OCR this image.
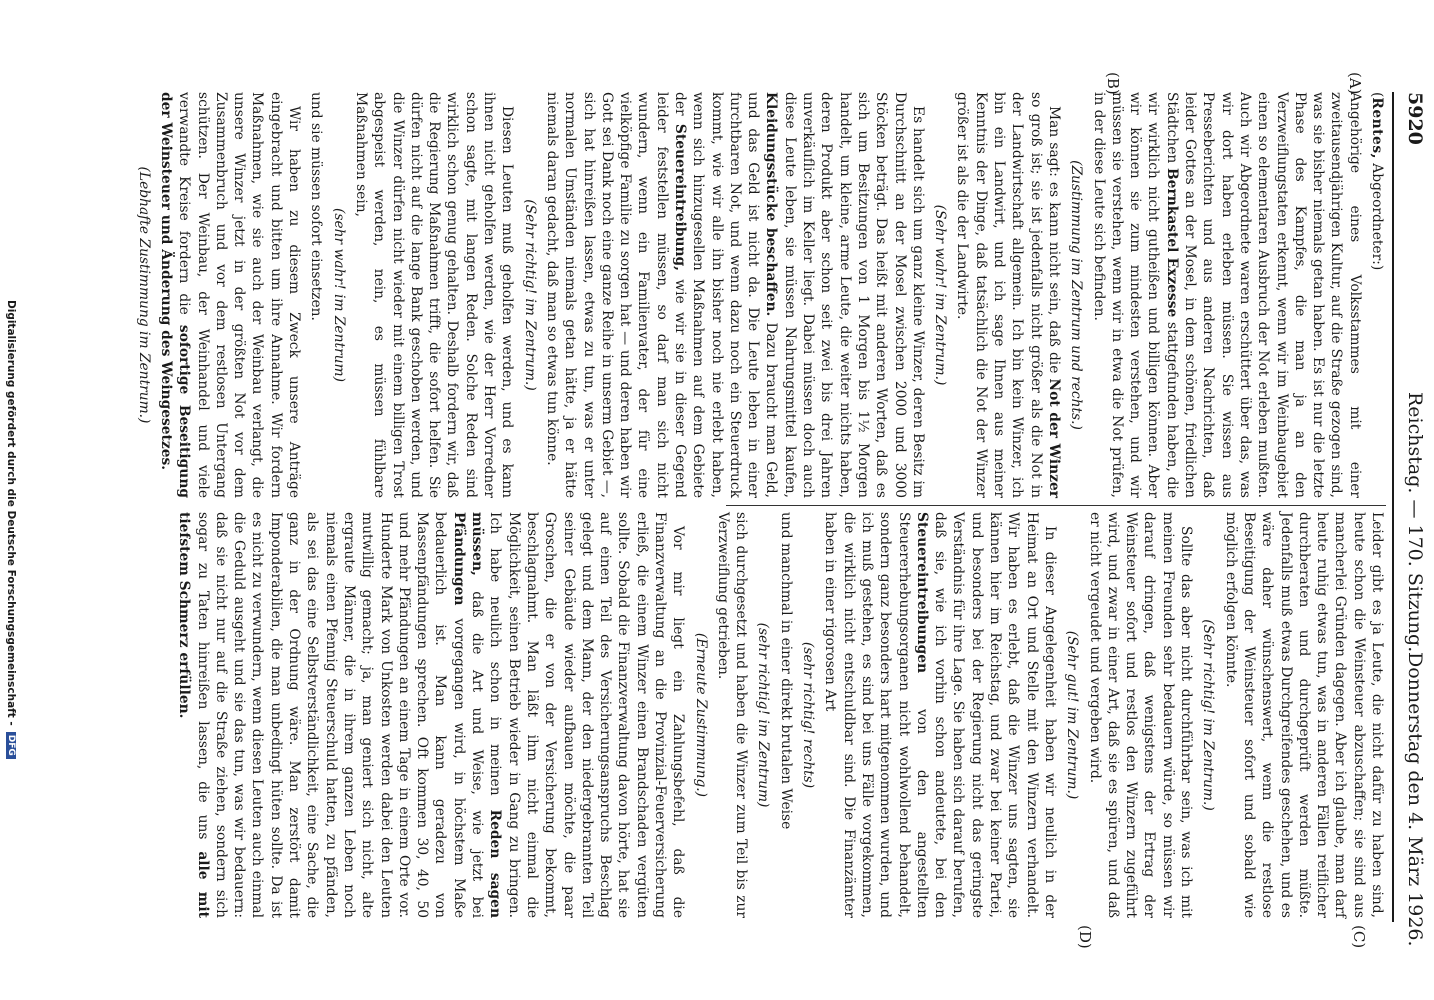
5920
Reichstag. — 170. Sitzung.
Donnerstag den 4. März 1926.
(A)
(B)
(C)
(D)

(Rentes, Abgeordneter:)

Angehörige eines Volksstammes mit einer zweitausendjährigen Kultur, auf die Straße gezogen sind, was sie bisher niemals getan haben. Es ist nur die letzte Phase des Kampfes, die man ja an den Verzweiflungstaten erkennt, wenn wir im Weinbaugebiet einen so elementaren Ausbruch der Not erleben mußten. Auch wir Abgeordnete waren erschüttert über das, was wir dort haben erleben müssen. Sie wissen aus Presseberichten und aus anderen Nachrichten, daß leider Gottes an der Mosel, in dem schönen, friedlichen Städtchen Bernkastel Exzesse stattgefunden haben, die wir wirklich nicht gutheißen und billigen können. Aber wir können sie zum mindesten verstehen, und wir müssen sie verstehen, wenn wir in etwa die Not prüfen, in der diese Leute sich befinden.

(Zustimmung im Zentrum und rechts.)

Man sagt: es kann nicht sein, daß die Not der Winzer so groß ist; sie ist jedenfalls nicht größer als die Not in der Landwirtschaft allgemein. Ich bin kein Winzer, ich bin ein Landwirt, und ich sage Ihnen aus meiner Kenntnis der Dinge, daß tatsächlich die Not der Winzer größer ist als die der Landwirte.

(Sehr wahr! im Zentrum.)

Es handelt sich um ganz kleine Winzer, deren Besitz im Durchschnitt an der Mosel zwischen 2000 und 3000 Stöcken beträgt. Das heißt mit anderen Worten, daß es sich um Besitzungen von 1 Morgen bis 1½ Morgen handelt, um kleine, arme Leute, die weiter nichts haben, deren Produkt aber schon seit zwei bis drei Jahren unverkäuflich im Keller liegt. Dabei müssen doch auch diese Leute leben, sie müssen Nahrungsmittel kaufen, Kleidungsstücke beschaffen. Dazu braucht man Geld, und das Geld ist nicht da. Die Leute leben in einer furchtbaren Not, und wenn dazu noch ein Steuerdruck kommt, wie wir alle ihn bisher noch nie erlebt haben, wenn sich hinzugesellen Maßnahmen auf dem Gebiete der Steuereintreibung, wie wir sie in dieser Gegend leider feststellen müssen, so darf man sich nicht wundern, wenn ein Familienvater, der für eine vielköpfige Familie zu sorgen hat — und deren haben wir Gott sei Dank noch eine ganze Reihe in unserm Gebiet —, sich hat hinreißen lassen, etwas zu tun, was er unter normalen Umständen niemals getan hätte, ja er hätte niemals daran gedacht, daß man so etwas tun könne.

(Sehr richtig! im Zentrum.)

Diesen Leuten muß geholfen werden, und es kann ihnen nicht geholfen werden, wie der Herr Vorredner schon sagte, mit langen Reden. Solche Reden sind wirklich schon genug gehalten. Deshalb fordern wir, daß die Regierung Maßnahmen trifft, die sofort helfen. Sie dürfen nicht auf die lange Bank geschoben werden, und die Winzer dürfen nicht wieder mit einem billigen Trost abgespeist werden, nein, es müssen fühlbare Maßnahmen sein,

(sehr wahr! im Zentrum)

und sie müssen sofort einsetzen.

Wir haben zu diesem Zweck unsere Anträge eingebracht und bitten um ihre Annahme. Wir fordern Maßnahmen, wie sie auch der Weinbau verlangt, die unsere Winzer jetzt in der größten Not vor dem Zusammenbruch und vor dem restlosen Untergang schützen. Der Weinbau, der Weinhandel und viele verwandte Kreise fordern die sofortige Beseitigung der Weinsteuer und Änderung des Weingesetzes.

(Lebhafte Zustimmung im Zentrum.)

Leider gibt es ja Leute, die nicht dafür zu haben sind, heute schon die Weinsteuer abzuschaffen; sie sind aus mancherlei Gründen dagegen. Aber ich glaube, man darf heute ruhig etwas tun, was in anderen Fällen reiflicher durchberaten und durchgeprüft werden müßte. Jedenfalls muß etwas Durchgreifendes geschehen, und es wäre daher wünschenswert, wenn die restlose Beseitigung der Weinsteuer sofort und sobald wie möglich erfolgen könnte.

(Sehr richtig! im Zentrum.)

Sollte das aber nicht durchführbar sein, was ich mit meinen Freunden sehr bedauern würde, so müssen wir darauf dringen, daß wenigstens der Ertrag der Weinsteuer sofort und restlos den Winzern zugeführt wird, und zwar in einer Art, daß sie es spüren, und daß er nicht vergeudet und vergeben wird.

(Sehr gut! im Zentrum.)

In dieser Angelegenheit haben wir neulich in der Heimat an Ort und Stelle mit den Winzern verhandelt. Wir haben es erlebt, daß die Winzer uns sagten, sie kännen hier im Reichstag, und zwar bei keiner Partei, und besonders bei der Regierung nicht das geringste Verständnis für ihre Lage. Sie haben sich darauf berufen, daß sie, wie ich vorhin schon andeutete, bei den Steuereintreibungen von den angestellten Steuererhebungsorganen nicht wohlwollend behandelt, sondern ganz besonders hart mitgenommen wurden, und ich muß gestehen, es sind bei uns Fälle vorgekommen, die wirklich nicht entschuldbar sind. Die Finanzämter haben in einer rigorosen Art

(sehr richtig! rechts)

und manchmal in einer direkt brutalen Weise

(sehr richtig! im Zentrum)

sich durchgesetzt und haben die Winzer zum Teil bis zur Verzweiflung getrieben.

(Erneute Zustimmung.)

Vor mir liegt ein Zahlungsbefehl, daß die Finanzverwaltung an die Provinzial-Feuerversicherung erließ, die einem Winzer einen Brandschaden vergüten sollte. Sobald die Finanzverwaltung davon hörte, hat sie auf einen Teil des Versicherungsanspruchs Beschlag gelegt und dem Mann, der den niedergebrannten Teil seiner Gebäude wieder aufbauen möchte, die paar Groschen, die er von der Versicherung bekommt, beschlagnahmt. Man läßt ihm nicht einmal die Möglichkeit, seinen Betrieb wieder in Gang zu bringen. Ich habe neulich schon in meinen Reden sagen müssen, daß die Art und Weise, wie jetzt bei Pfändungen vorgegangen wird, in höchstem Maße bedauerlich ist. Man kann geradezu von Massenpfändungen sprechen. Oft kommen 30, 40, 50 und mehr Pfändungen an einem Tage in einem Orte vor. Hunderte Mark von Unkosten werden dabei den Leuten mutwillig gemacht; ja, man geniert sich nicht, alte ergraute Männer, die in ihrem ganzen Leben noch niemals einen Pfennig Steuerschuld hatten, zu pfänden, als sei das eine Selbstverständlichkeit, eine Sache, die ganz in der Ordnung wäre. Man zerstört damit Imponderabilien, die man unbedingt hüten sollte. Da ist es nicht zu verwundern, wenn diesen Leuten auch einmal die Geduld ausgeht und sie das tun, was wir bedauern: daß sie nicht nur auf die Straße ziehen, sondern sich sogar zu Taten hinreißen lassen, die uns alle mit tiefstem Schmerz erfüllen.

Digitalisierung gefördert durch die Deutsche Forschungsgemeinschaft -DFG
